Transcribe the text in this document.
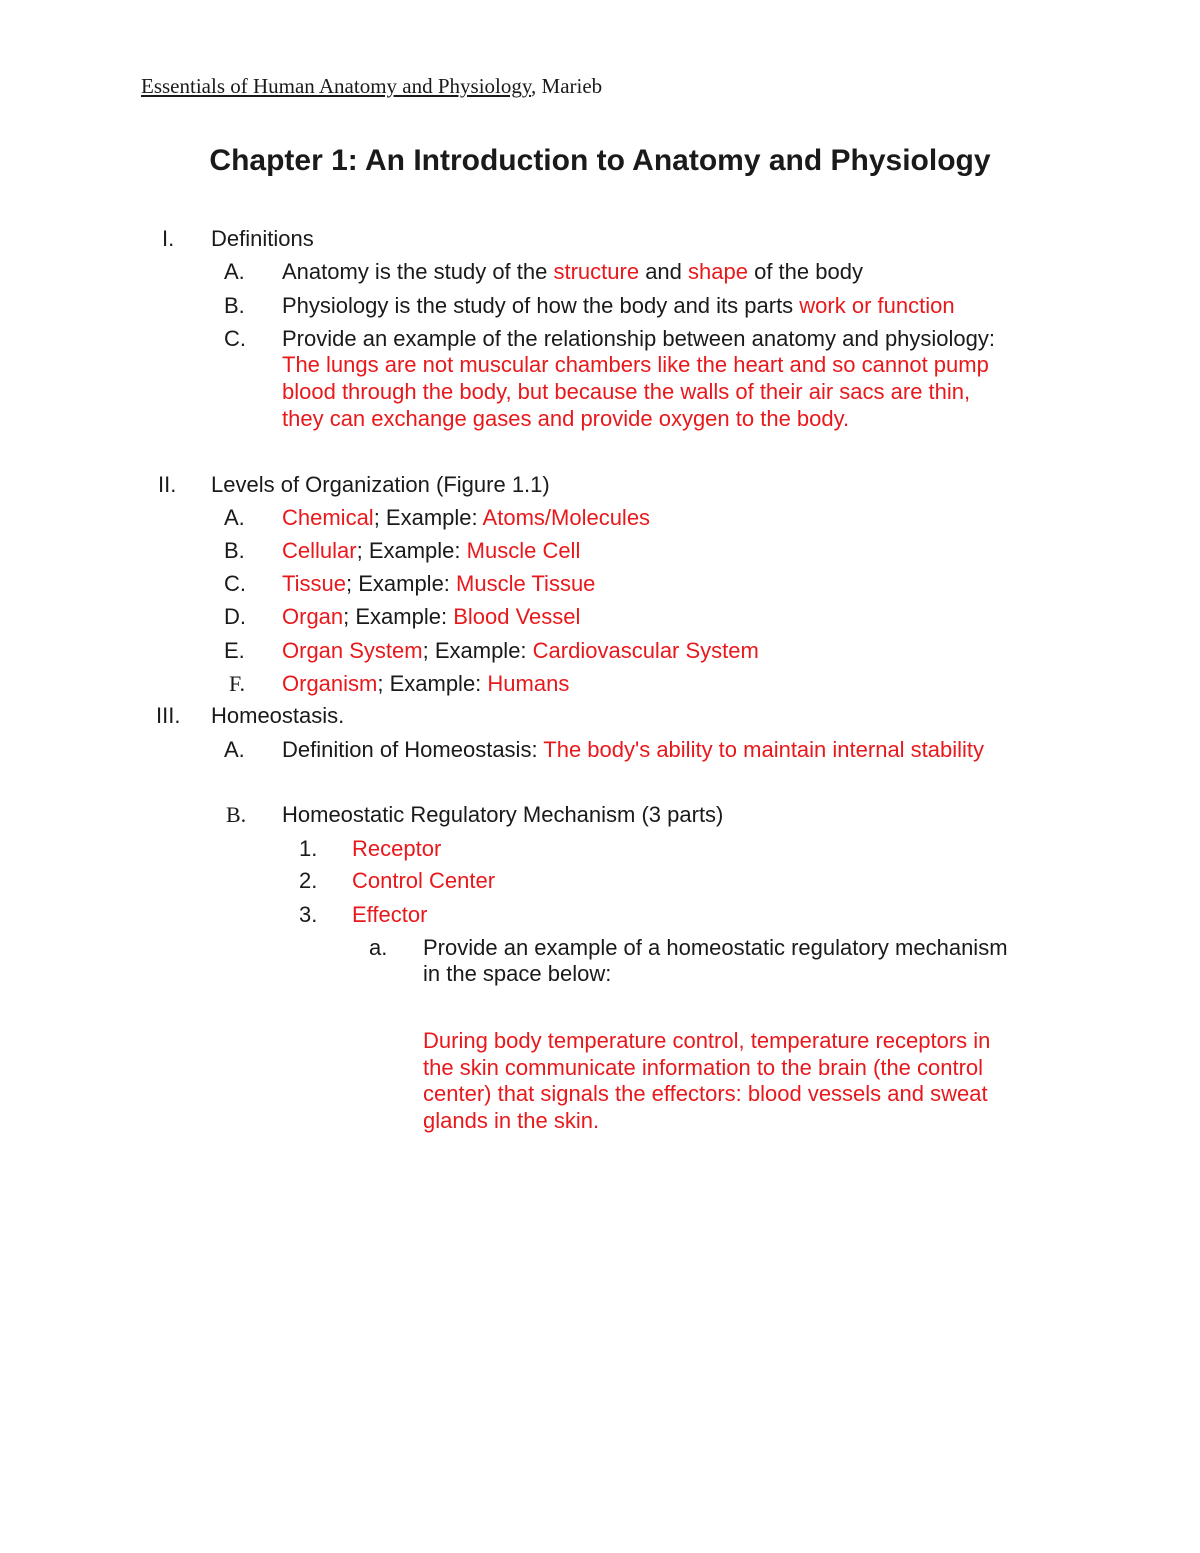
Essentials of Human Anatomy and Physiology, Marieb
Chapter 1: An Introduction to Anatomy and Physiology
I. Definitions
A. Anatomy is the study of the structure and shape of the body
B. Physiology is the study of how the body and its parts work or function
C. Provide an example of the relationship between anatomy and physiology:
The lungs are not muscular chambers like the heart and so cannot pump
blood through the body, but because the walls of their air sacs are thin,
they can exchange gases and provide oxygen to the body.
II. Levels of Organization (Figure 1.1)
A. Chemical; Example: Atoms/Molecules
B. Cellular; Example: Muscle Cell
C. Tissue; Example: Muscle Tissue
D. Organ; Example: Blood Vessel
E. Organ System; Example: Cardiovascular System
F. Organism; Example: Humans
III. Homeostasis.
A. Definition of Homeostasis: The body's ability to maintain internal stability
B. Homeostatic Regulatory Mechanism (3 parts)
1. Receptor
2. Control Center
3. Effector
a. Provide an example of a homeostatic regulatory mechanism
in the space below:
During body temperature control, temperature receptors in
the skin communicate information to the brain (the control
center) that signals the effectors: blood vessels and sweat
glands in the skin.
